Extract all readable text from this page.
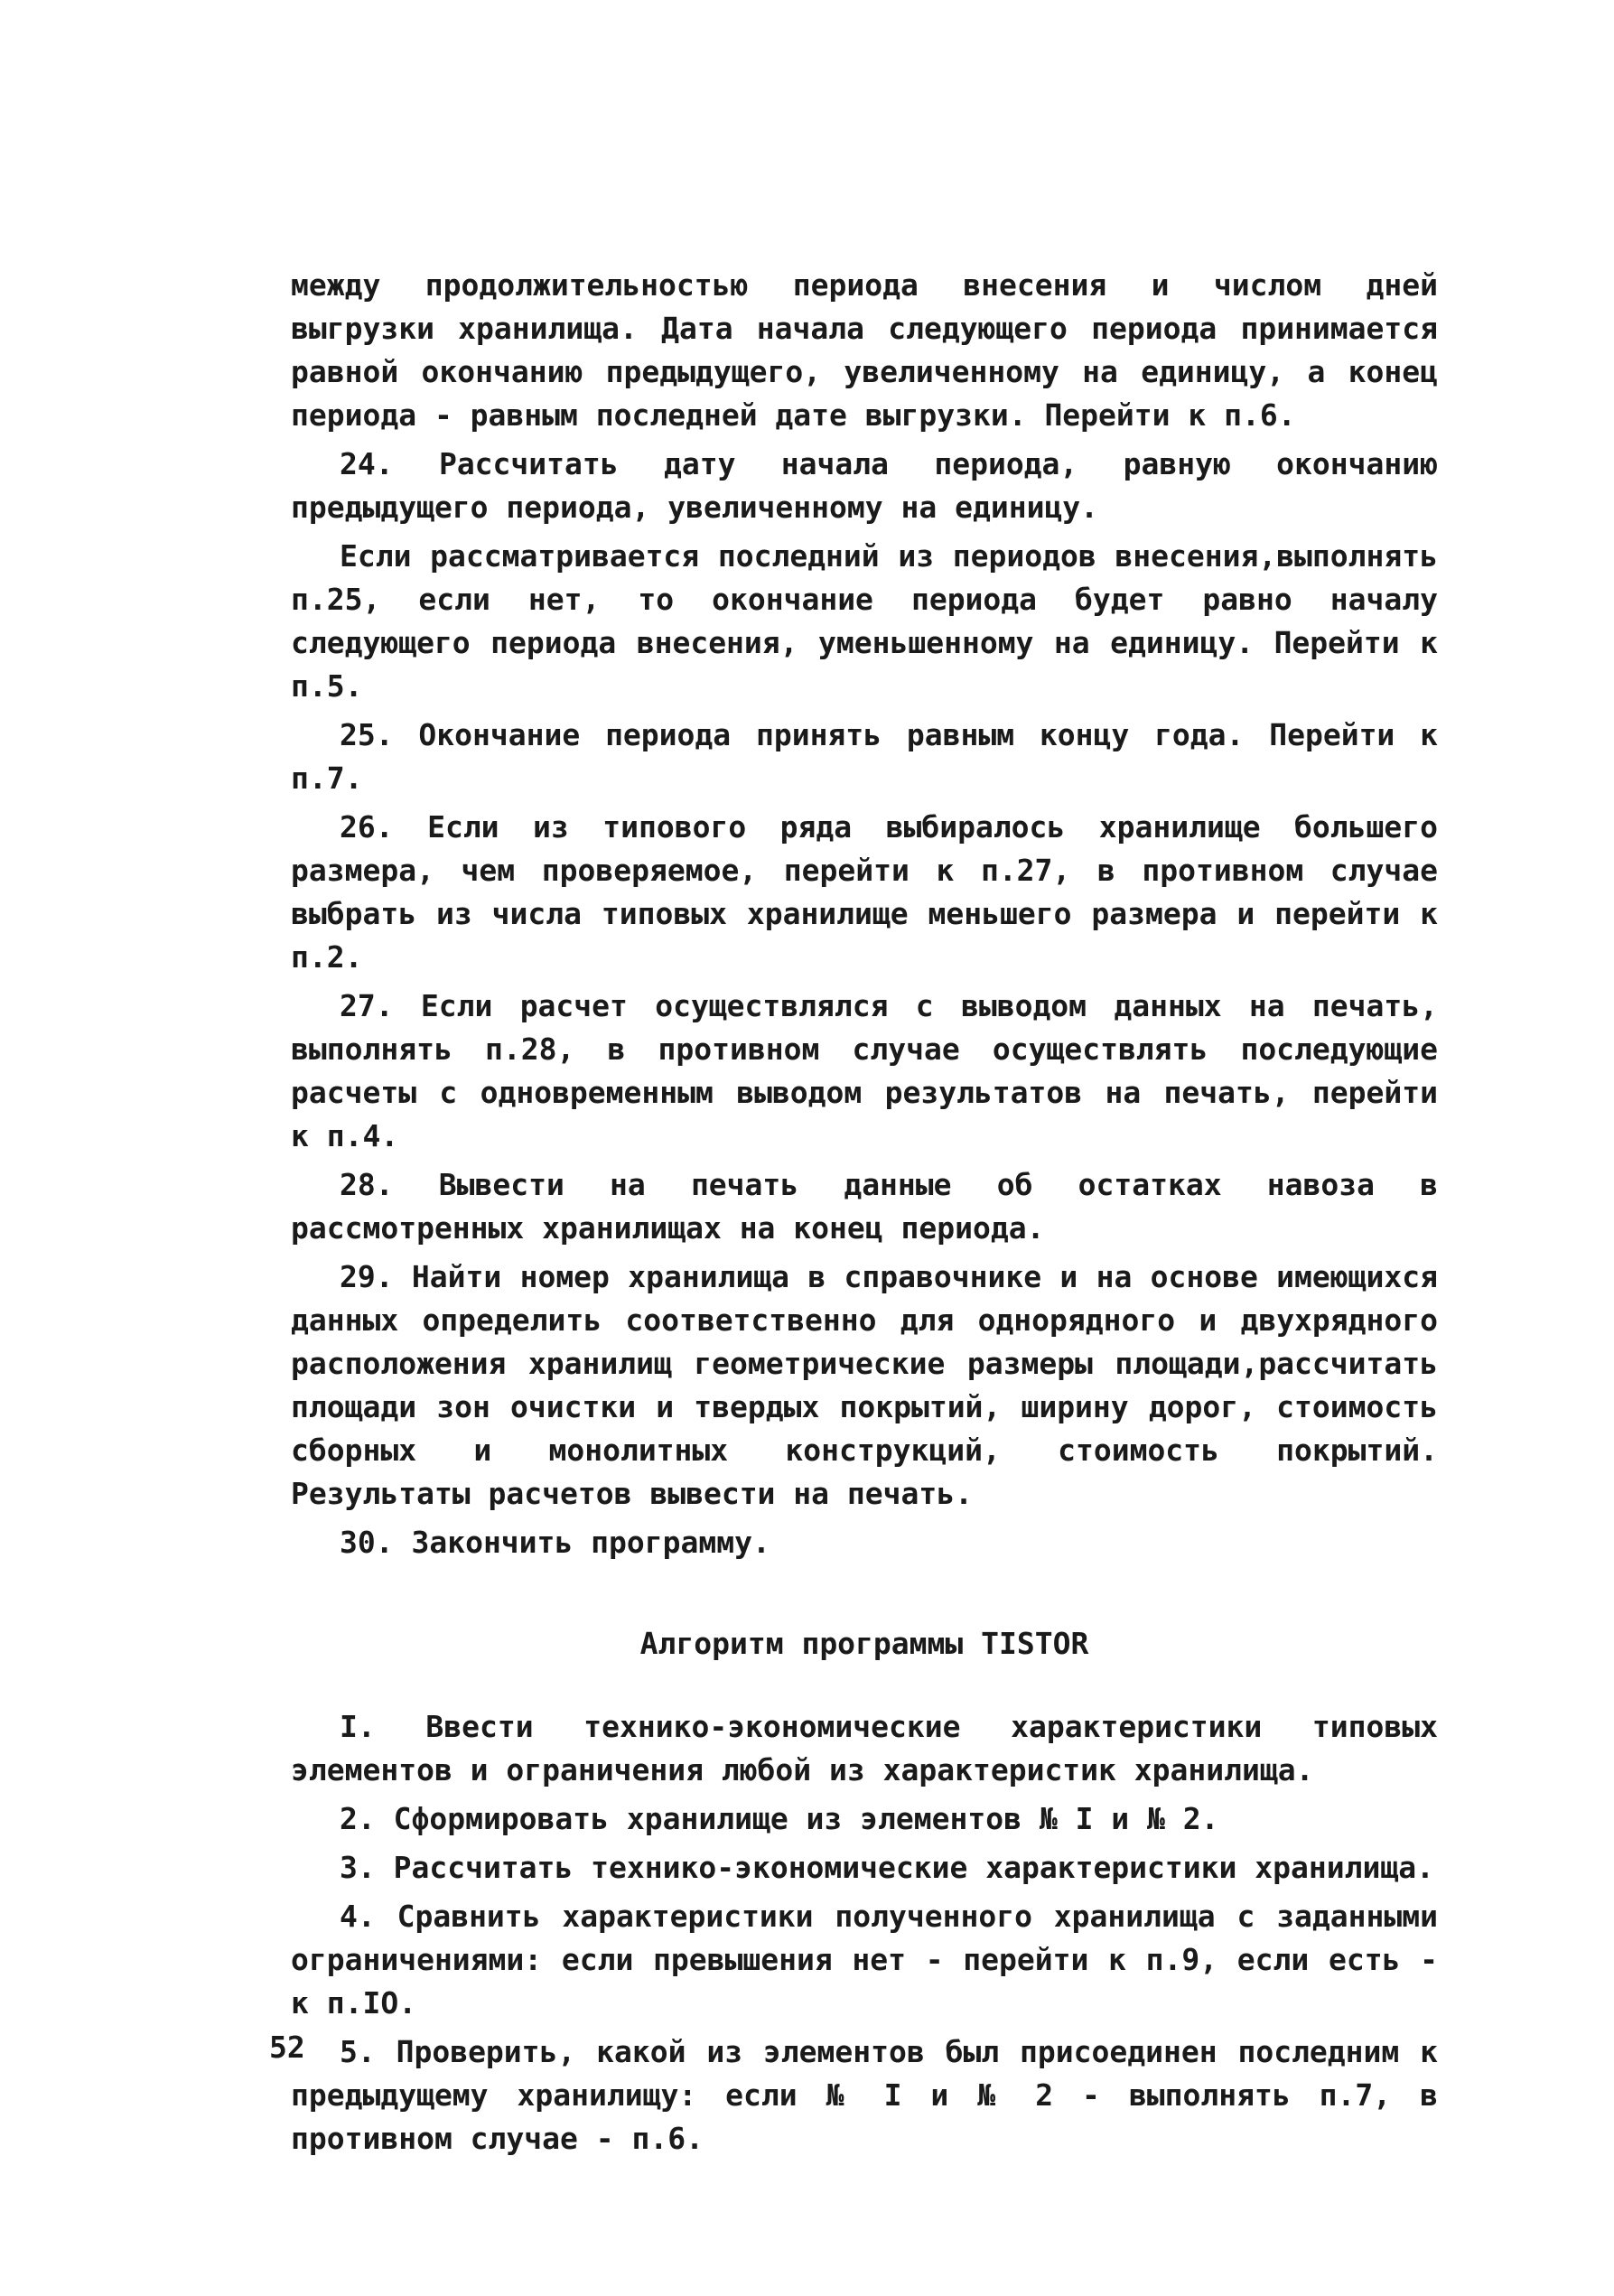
между продолжительностью периода внесения и числом дней выгрузки хранилища. Дата начала следующего периода принимается равной окончанию предыдущего, увеличенному на единицу, а конец периода - равным последней дате выгрузки. Перейти к п.6.

24. Рассчитать дату начала периода, равную окончанию предыдущего периода, увеличенному на единицу.

Если рассматривается последний из периодов внесения,выполнять п.25, если нет, то окончание периода будет равно началу следующего периода внесения, уменьшенному на единицу. Перейти к п.5.

25. Окончание периода принять равным концу года. Перейти к п.7.

26. Если из типового ряда выбиралось хранилище большего размера, чем проверяемое, перейти к п.27, в противном случае выбрать из числа типовых хранилище меньшего размера и перейти к п.2.

27. Если расчет осуществлялся с выводом данных на печать, выполнять п.28, в противном случае осуществлять последующие расчеты с одновременным выводом результатов на печать, перейти к п.4.

28. Вывести на печать данные об остатках навоза в рассмотренных хранилищах на конец периода.

29. Найти номер хранилища в справочнике и на основе имеющихся данных определить соответственно для однорядного и двухрядного расположения хранилищ геометрические размеры площади,рассчитать площади зон очистки и твердых покрытий, ширину дорог, стоимость сборных и монолитных конструкций, стоимость покрытий. Результаты расчетов вывести на печать.

30. Закончить программу.

Алгоритм программы TISTOR

I. Ввести технико-экономические характеристики типовых элементов и ограничения любой из характеристик хранилища.

2. Сформировать хранилище из элементов № I и № 2.

3. Рассчитать технико-экономические характеристики хранилища.

4. Сравнить характеристики полученного хранилища с заданными ограничениями: если превышения нет - перейти к п.9, если есть - к п.IO.

5. Проверить, какой из элементов был присоединен последним к предыдущему хранилищу: если № I и № 2 - выполнять п.7, в противном случае - п.6.

52
